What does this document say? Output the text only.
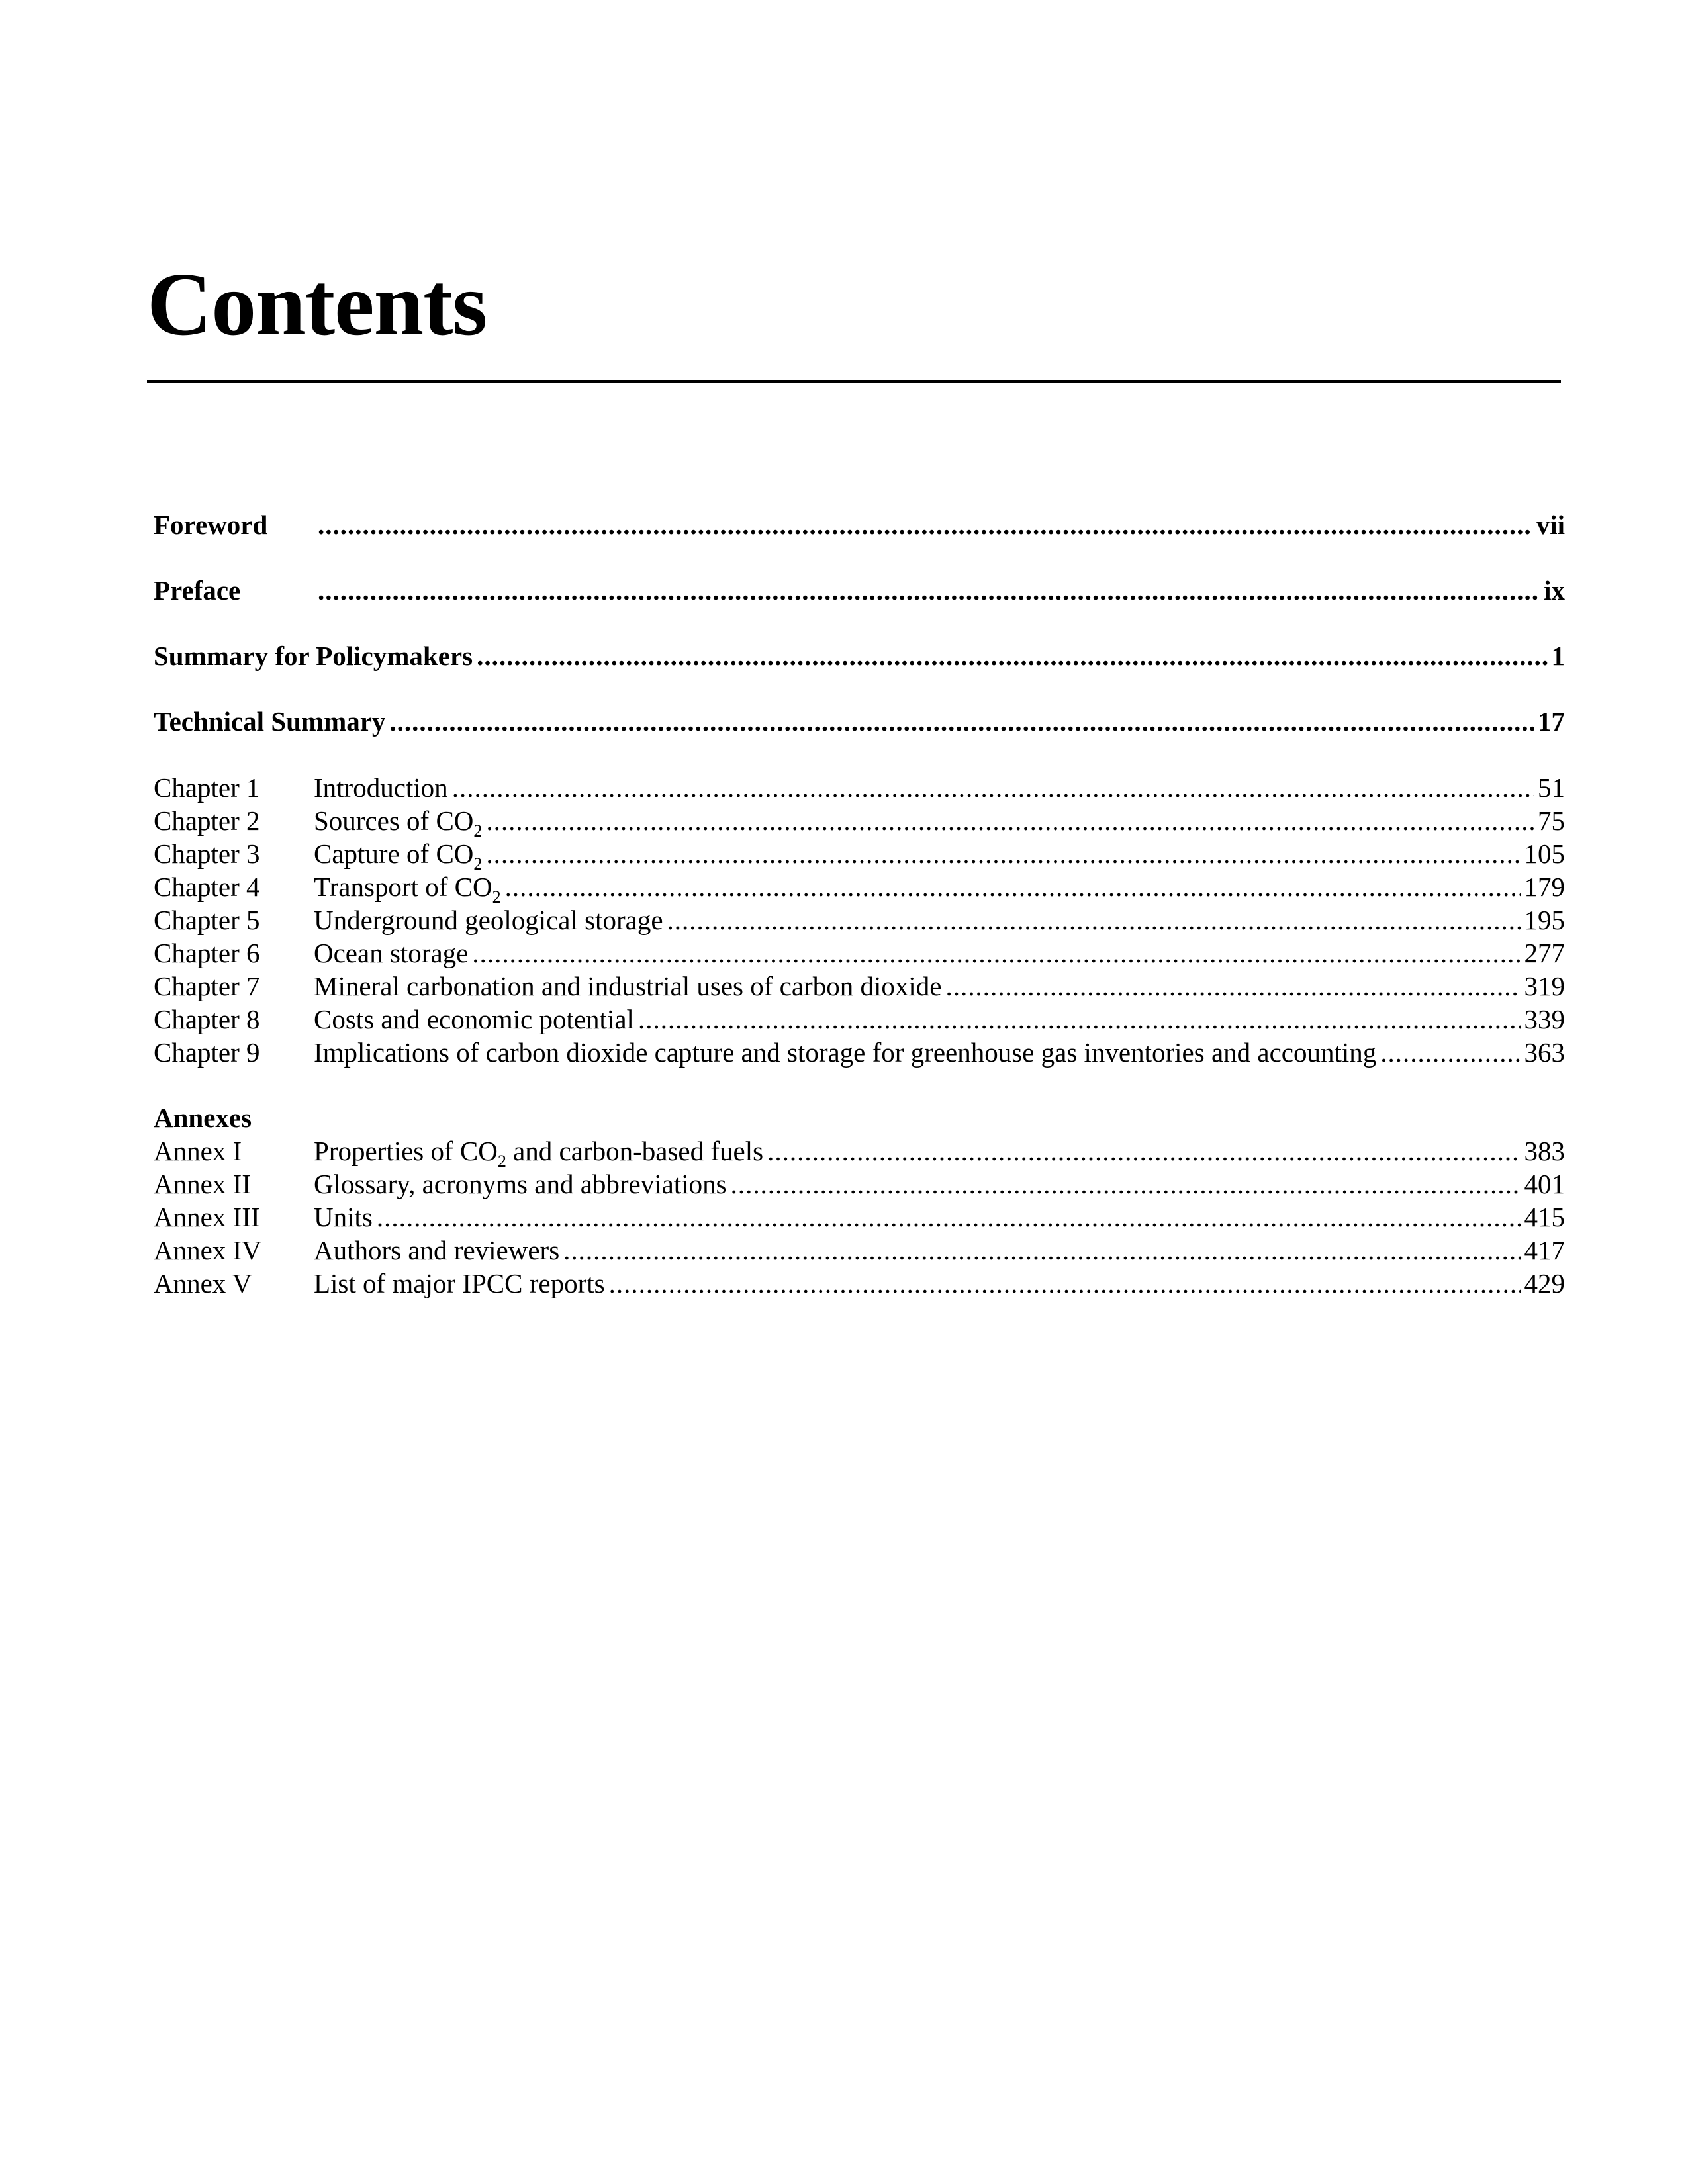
Contents
Foreword .....	vii
Preface .....	ix
Summary for Policymakers .....	1
Technical Summary .....	17
Chapter 1	Introduction .....	51
Chapter 2	Sources of $CO_2$ .....	75
Chapter 3	Capture of $CO_2$ .....	105
Chapter 4	Transport of $CO_2$ .....	179
Chapter 5	Underground geological storage .....	195
Chapter 6	Ocean storage .....	277
Chapter 7	Mineral carbonation and industrial uses of carbon dioxide .....	319
Chapter 8	Costs and economic potential .....	339
Chapter 9	Implications of carbon dioxide capture and storage for greenhouse gas inventories and accounting .....	363
Annexes
Annex I	Properties of $CO_2$ and carbon-based fuels .....	383
Annex II	Glossary, acronyms and abbreviations .....	401
Annex III	Units .....	415
Annex IV	Authors and reviewers .....	417
Annex V	List of major IPCC reports .....	429
